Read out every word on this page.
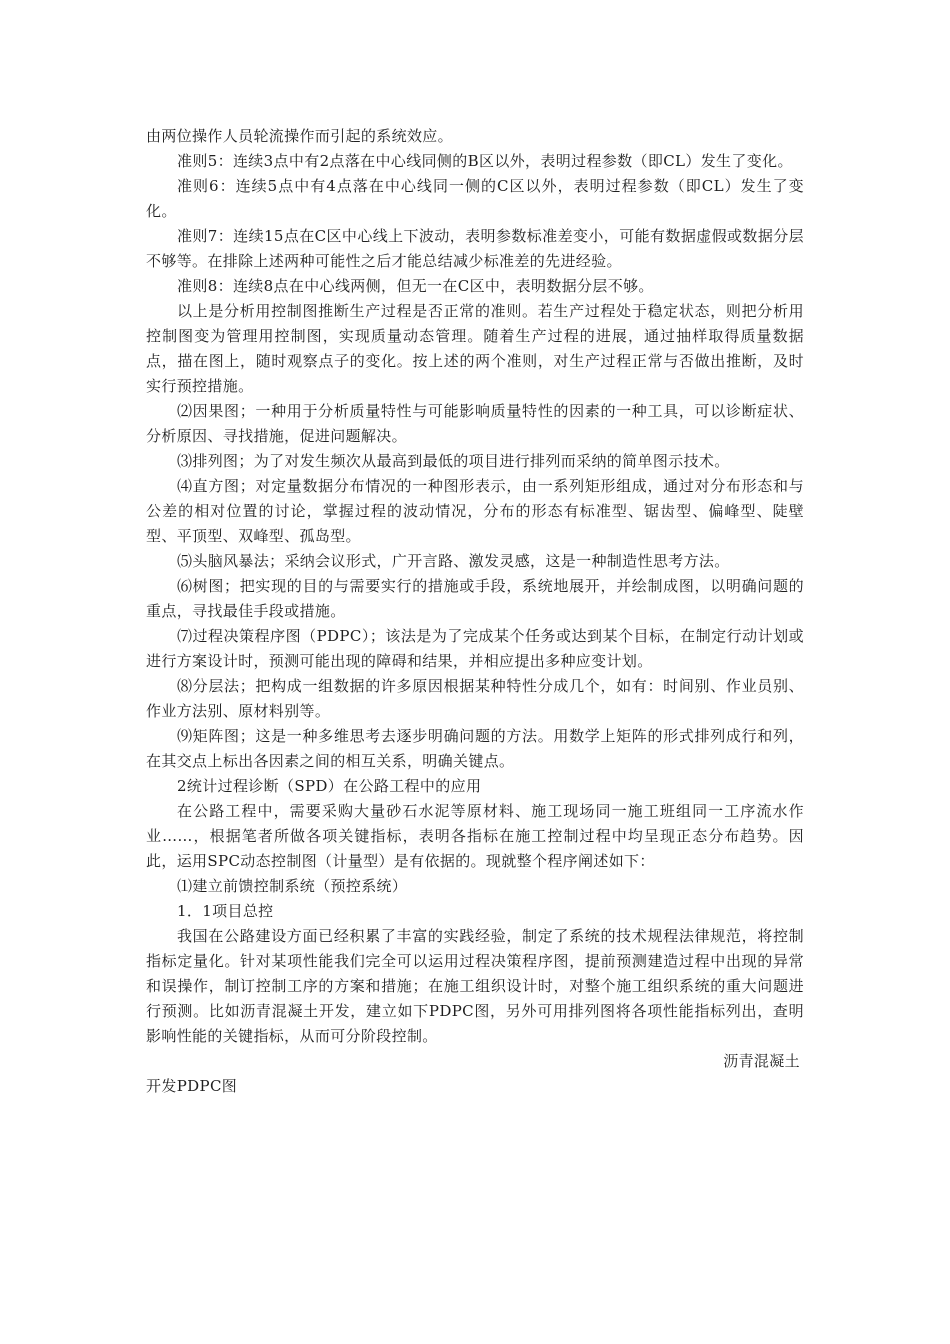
由两位操作人员轮流操作而引起的系统效应。

准则5：连续3点中有2点落在中心线同侧的B区以外，表明过程参数（即CL）发生了变化。

准则6：连续5点中有4点落在中心线同一侧的C区以外，表明过程参数（即CL）发生了变化。

准则7：连续15点在C区中心线上下波动，表明参数标准差变小，可能有数据虚假或数据分层不够等。在排除上述两种可能性之后才能总结减少标准差的先进经验。

准则8：连续8点在中心线两侧，但无一在C区中，表明数据分层不够。

以上是分析用控制图推断生产过程是否正常的准则。若生产过程处于稳定状态，则把分析用控制图变为管理用控制图，实现质量动态管理。随着生产过程的进展，通过抽样取得质量数据点，描在图上，随时观察点子的变化。按上述的两个准则，对生产过程正常与否做出推断，及时实行预控措施。

⑵因果图；一种用于分析质量特性与可能影响质量特性的因素的一种工具，可以诊断症状、分析原因、寻找措施，促进问题解决。

⑶排列图；为了对发生频次从最高到最低的项目进行排列而采纳的简单图示技术。

⑷直方图；对定量数据分布情况的一种图形表示，由一系列矩形组成，通过对分布形态和与公差的相对位置的讨论，掌握过程的波动情况，分布的形态有标准型、锯齿型、偏峰型、陡壁型、平顶型、双峰型、孤岛型。

⑸头脑风暴法；采纳会议形式，广开言路、激发灵感，这是一种制造性思考方法。

⑹树图；把实现的目的与需要实行的措施或手段，系统地展开，并绘制成图，以明确问题的重点，寻找最佳手段或措施。

⑺过程决策程序图（PDPC）；该法是为了完成某个任务或达到某个目标，在制定行动计划或进行方案设计时，预测可能出现的障碍和结果，并相应提出多种应变计划。

⑻分层法；把构成一组数据的许多原因根据某种特性分成几个，如有：时间别、作业员别、作业方法别、原材料别等。

⑼矩阵图；这是一种多维思考去逐步明确问题的方法。用数学上矩阵的形式排列成行和列，在其交点上标出各因素之间的相互关系，明确关键点。

2统计过程诊断（SPD）在公路工程中的应用

在公路工程中，需要采购大量砂石水泥等原材料、施工现场同一施工班组同一工序流水作业……，根据笔者所做各项关键指标，表明各指标在施工控制过程中均呈现正态分布趋势。因此，运用SPC动态控制图（计量型）是有依据的。现就整个程序阐述如下：

⑴建立前馈控制系统（预控系统）

1．1项目总控

我国在公路建设方面已经积累了丰富的实践经验，制定了系统的技术规程法律规范，将控制指标定量化。针对某项性能我们完全可以运用过程决策程序图，提前预测建造过程中出现的异常和误操作，制订控制工序的方案和措施；在施工组织设计时，对整个施工组织系统的重大问题进行预测。比如沥青混凝土开发，建立如下PDPC图，另外可用排列图将各项性能指标列出，查明影响性能的关键指标，从而可分阶段控制。

沥青混凝土

开发PDPC图
